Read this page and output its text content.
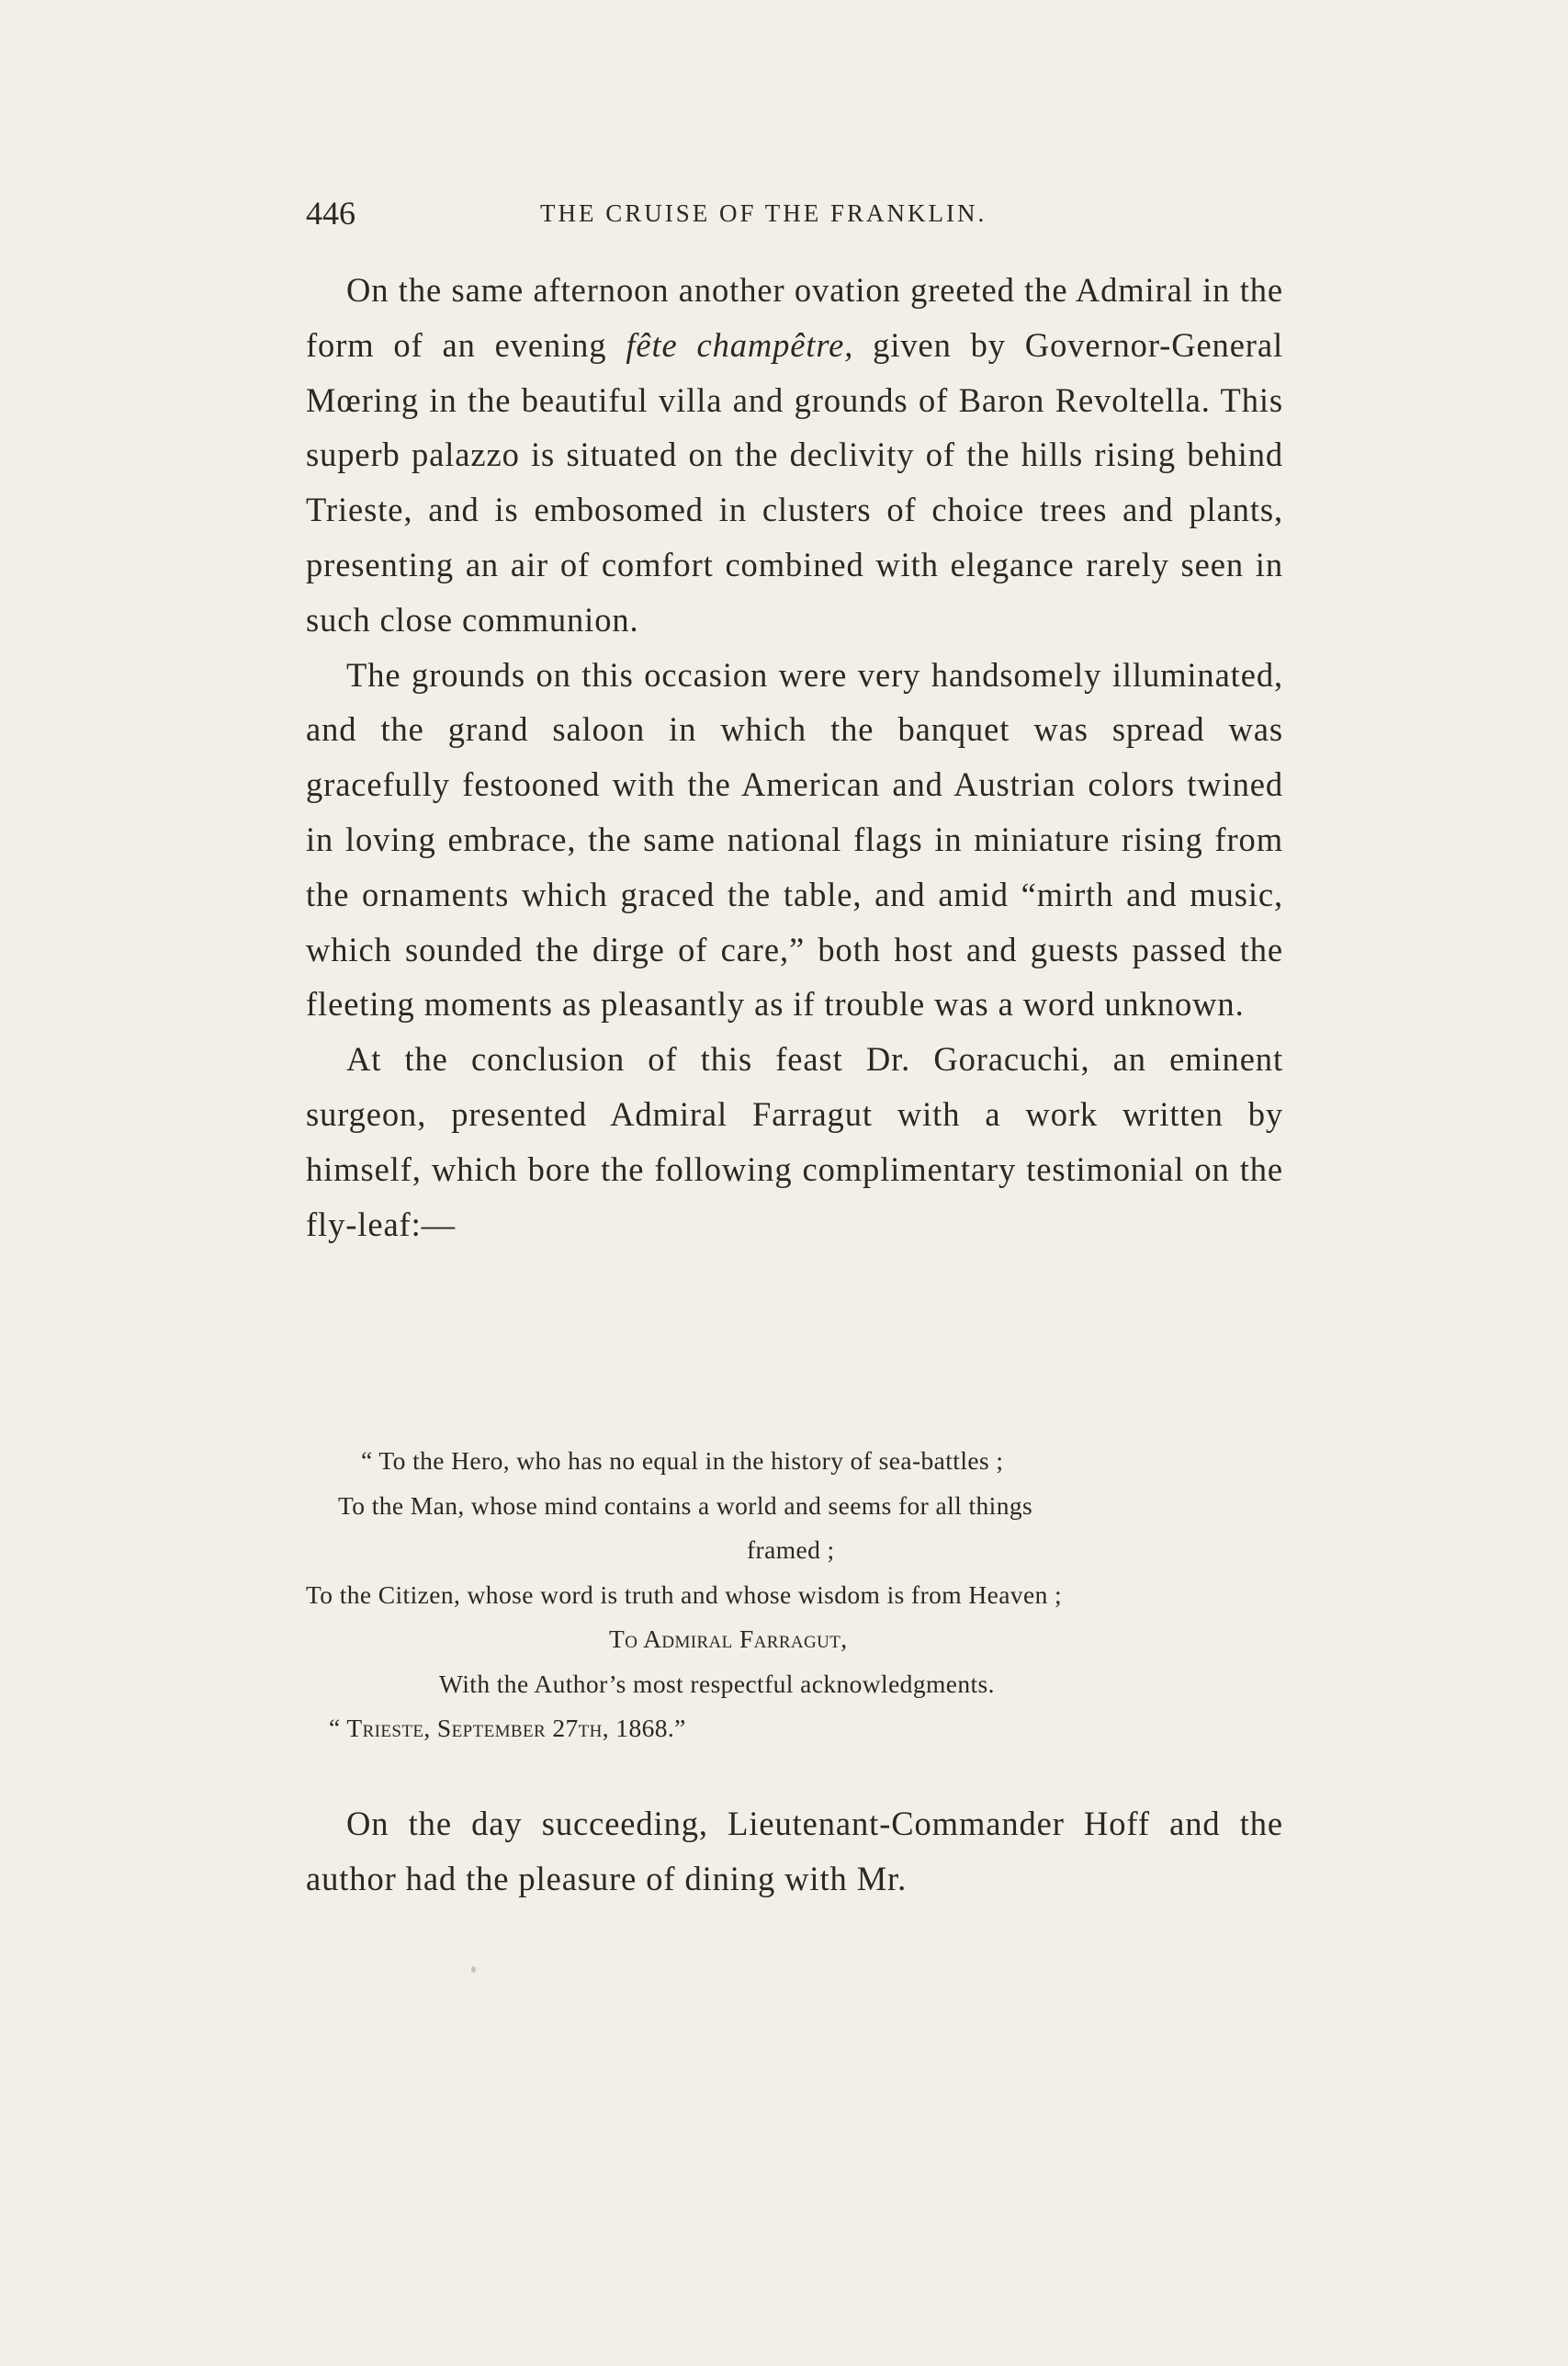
446	THE CRUISE OF THE FRANKLIN.

On the same afternoon another ovation greeted the Admiral in the form of an evening fête champêtre, given by Governor-General Mœring in the beautiful villa and grounds of Baron Revoltella. This superb palazzo is situated on the declivity of the hills rising behind Trieste, and is embosomed in clusters of choice trees and plants, presenting an air of comfort combined with elegance rarely seen in such close communion.

The grounds on this occasion were very handsomely illuminated, and the grand saloon in which the banquet was spread was gracefully festooned with the American and Austrian colors twined in loving embrace, the same national flags in miniature rising from the ornaments which graced the table, and amid “mirth and music, which sounded the dirge of care,” both host and guests passed the fleeting moments as pleasantly as if trouble was a word unknown.

At the conclusion of this feast Dr. Goracuchi, an eminent surgeon, presented Admiral Farragut with a work written by himself, which bore the following complimentary testimonial on the fly-leaf:—

“ To the Hero, who has no equal in the history of sea-battles ;

To the Man, whose mind contains a world and seems for all things

framed ;

To the Citizen, whose word is truth and whose wisdom is from Heaven ;

To Admiral Farragut,

With the Author’s most respectful acknowledgments.

“ Trieste, September 27th, 1868.”

On the day succeeding, Lieutenant-Commander Hoff and the author had the pleasure of dining with Mr.
